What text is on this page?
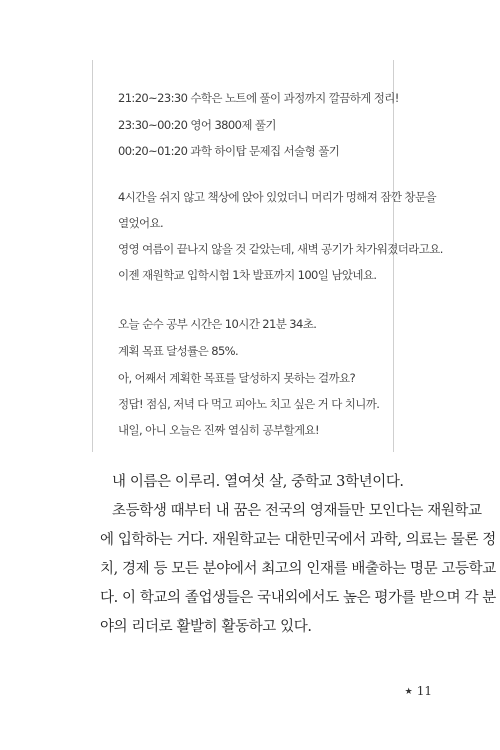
21:20~23:30 수학은 노트에 풀이 과정까지 깔끔하게 정리!
23:30~00:20 영어 3800제 풀기
00:20~01:20 과학 하이탑 문제집 서술형 풀기
4시간을 쉬지 않고 책상에 앉아 있었더니 머리가 멍해져 잠깐 창문을
열었어요.
영영 여름이 끝나지 않을 것 같았는데, 새벽 공기가 차가워졌더라고요.
이젠 재원학교 입학시험 1차 발표까지 100일 남았네요.
오늘 순수 공부 시간은 10시간 21분 34초.
계획 목표 달성률은 85%.
아, 어째서 계획한 목표를 달성하지 못하는 걸까요?
정답! 점심, 저녁 다 먹고 피아노 치고 싶은 거 다 치니까.
내일, 아니 오늘은 진짜 열심히 공부할게요!
내 이름은 이루리. 열여섯 살, 중학교 3학년이다.
초등학생 때부터 내 꿈은 전국의 영재들만 모인다는 재원학교
에 입학하는 거다. 재원학교는 대한민국에서 과학, 의료는 물론 정
치, 경제 등 모든 분야에서 최고의 인재를 배출하는 명문 고등학교
다. 이 학교의 졸업생들은 국내외에서도 높은 평가를 받으며 각 분
야의 리더로 활발히 활동하고 있다.
★ 11
